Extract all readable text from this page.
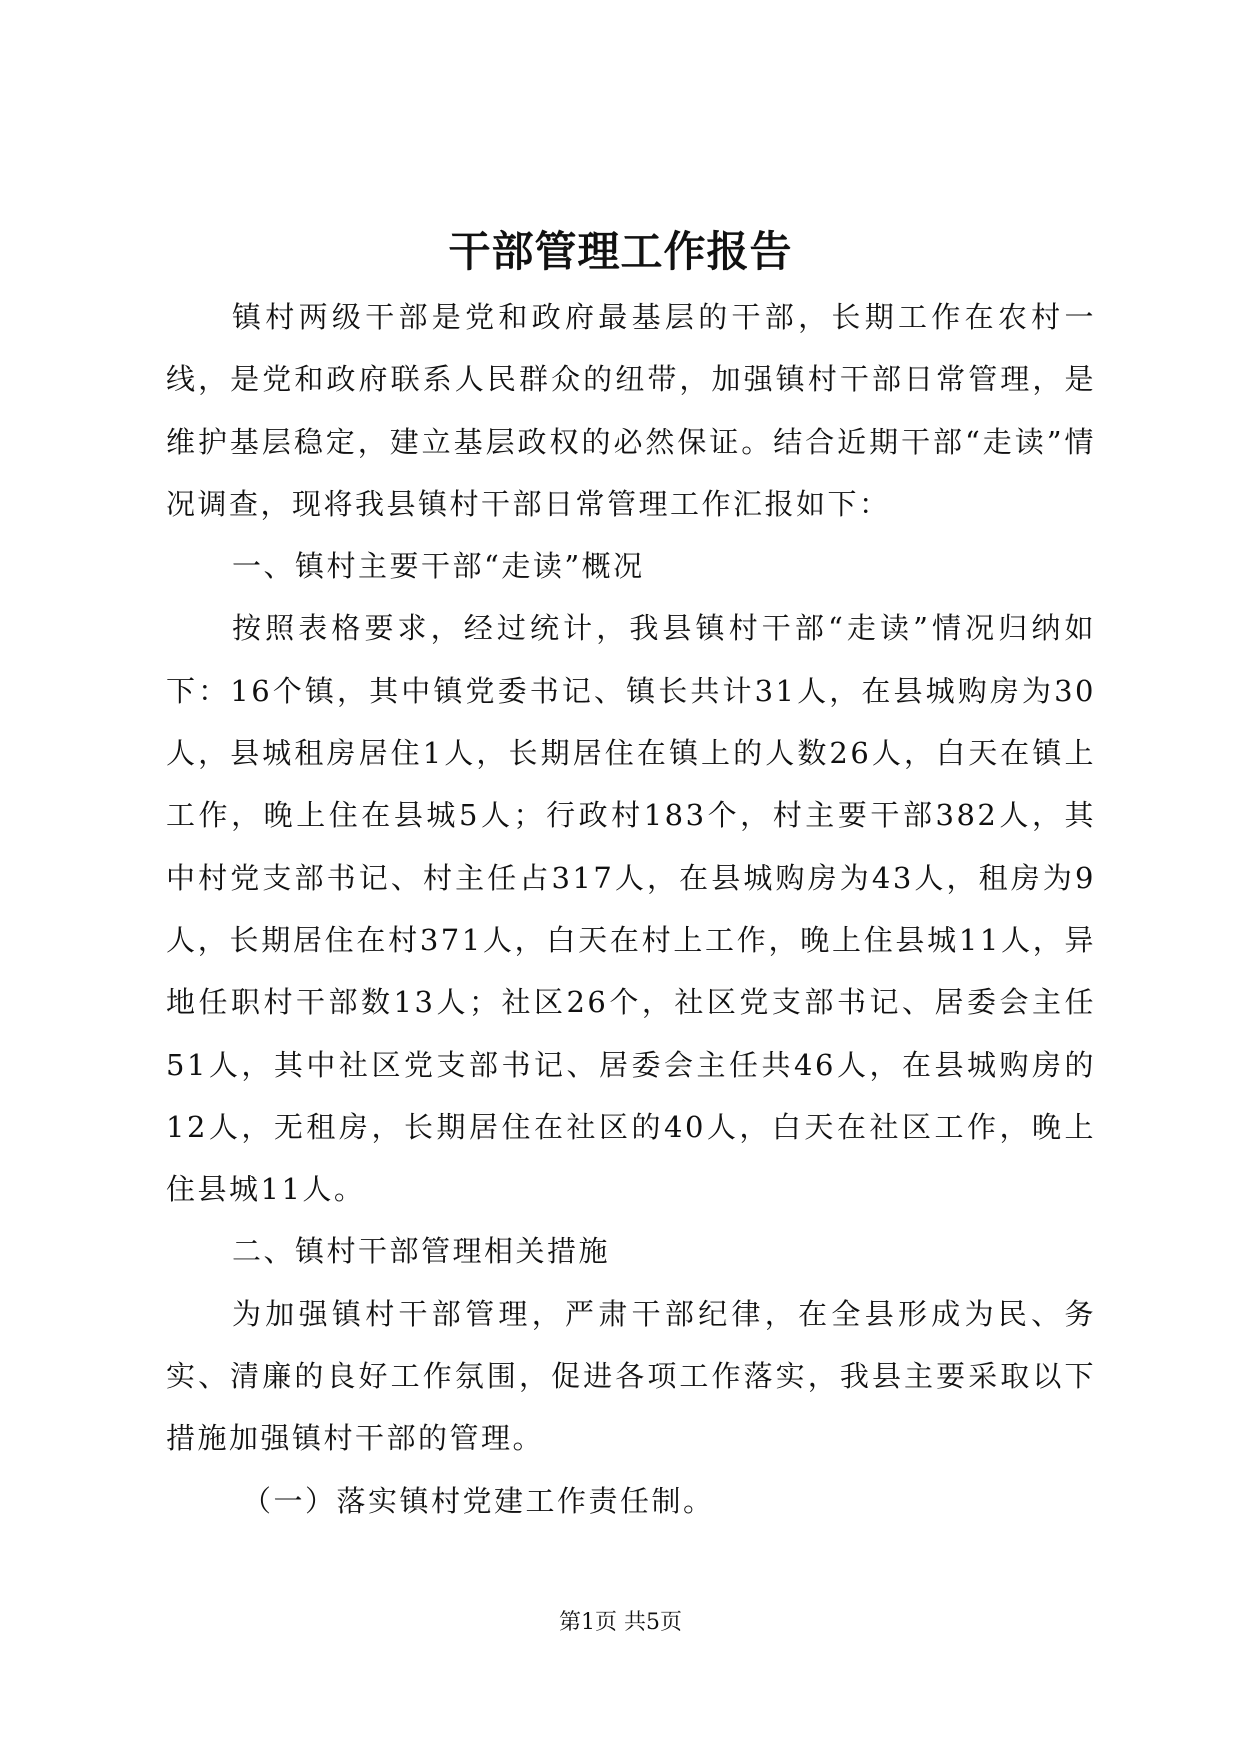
干部管理工作报告

镇村两级干部是党和政府最基层的干部，长期工作在农村一线，是党和政府联系人民群众的纽带，加强镇村干部日常管理，是维护基层稳定，建立基层政权的必然保证。结合近期干部“走读”情况调查，现将我县镇村干部日常管理工作汇报如下：

一、镇村主要干部“走读”概况

按照表格要求，经过统计，我县镇村干部“走读”情况归纳如下：16个镇，其中镇党委书记、镇长共计31人，在县城购房为30人，县城租房居住1人，长期居住在镇上的人数26人，白天在镇上工作，晚上住在县城5人；行政村183个，村主要干部382人，其中村党支部书记、村主任占317人，在县城购房为43人，租房为9人，长期居住在村371人，白天在村上工作，晚上住县城11人，异地任职村干部数13人；社区26个，社区党支部书记、居委会主任51人，其中社区党支部书记、居委会主任共46人，在县城购房的12人，无租房，长期居住在社区的40人，白天在社区工作，晚上住县城11人。

二、镇村干部管理相关措施

为加强镇村干部管理，严肃干部纪律，在全县形成为民、务实、清廉的良好工作氛围，促进各项工作落实，我县主要采取以下措施加强镇村干部的管理。

（一）落实镇村党建工作责任制。

第1页 共5页
